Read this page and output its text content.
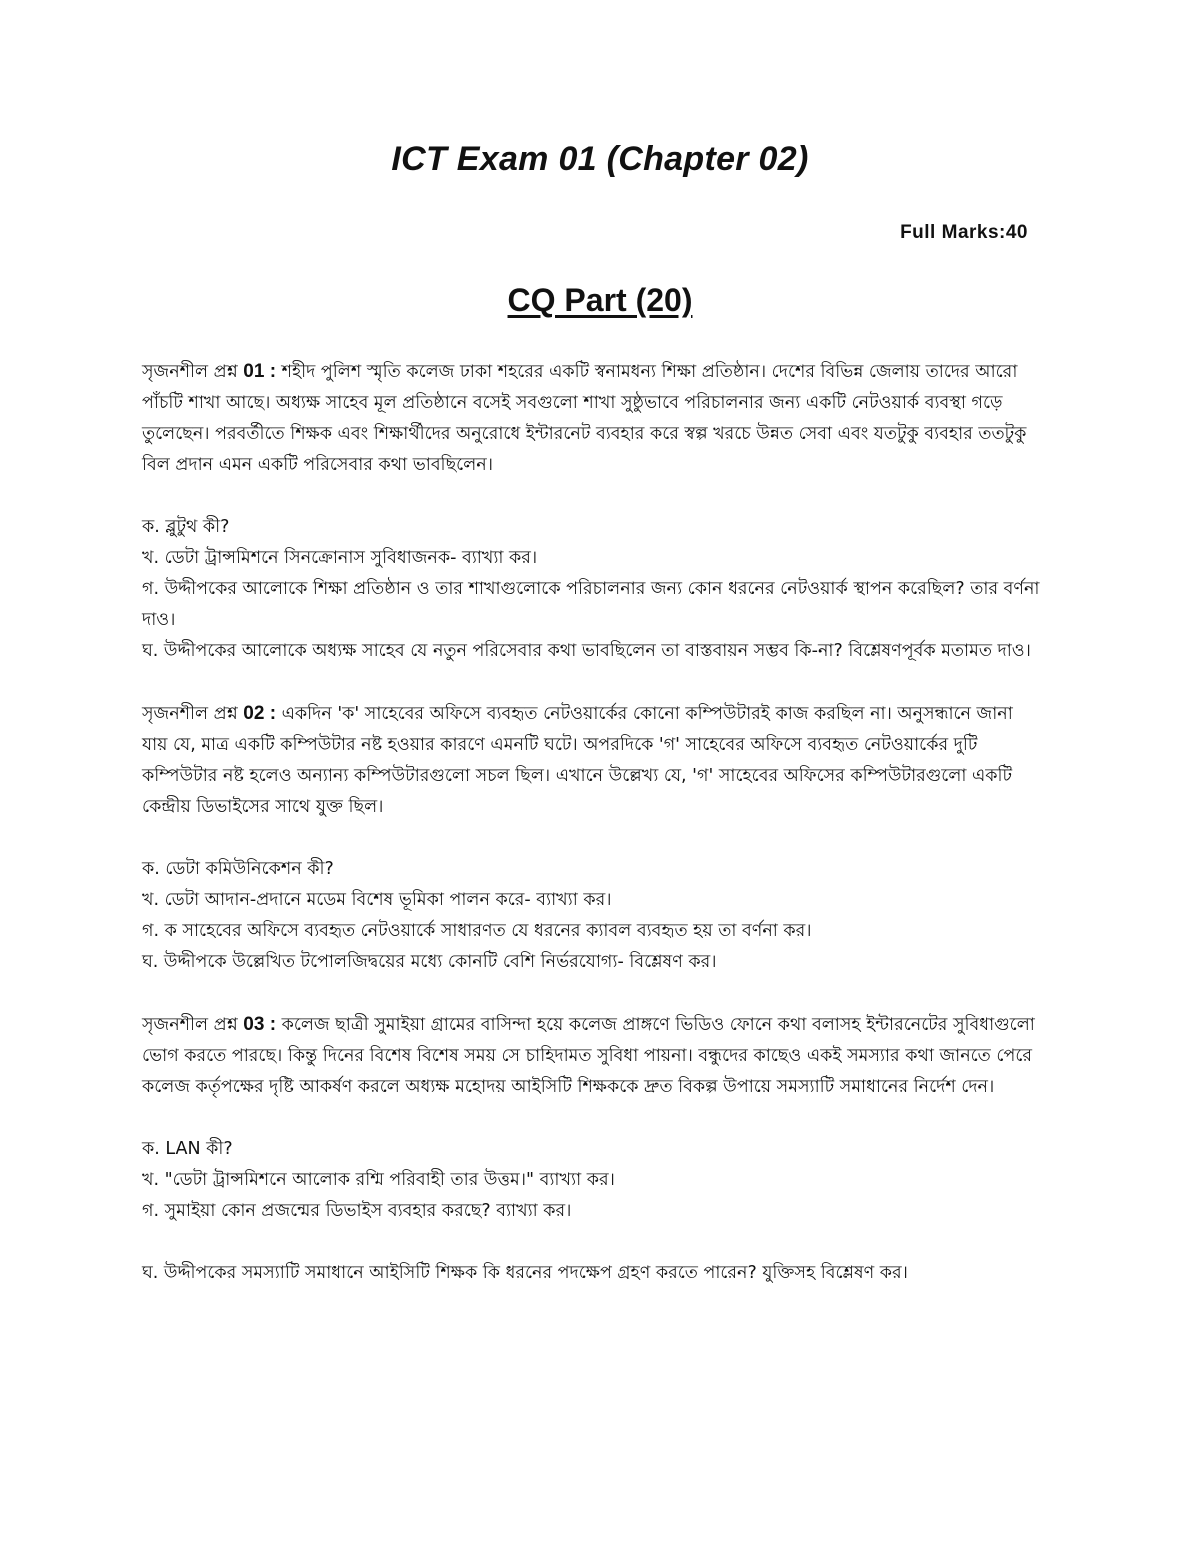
ICT Exam 01 (Chapter 02)
Full Marks:40
CQ Part (20)

সৃজনশীল প্রশ্ন 01 : শহীদ পুলিশ স্মৃতি কলেজ ঢাকা শহরের একটি স্বনামধন্য শিক্ষা প্রতিষ্ঠান। দেশের বিভিন্ন জেলায় তাদের আরো পাঁচটি শাখা আছে। অধ্যক্ষ সাহেব মূল প্রতিষ্ঠানে বসেই সবগুলো শাখা সুষ্ঠুভাবে পরিচালনার জন্য একটি নেটওয়ার্ক ব্যবস্থা গড়ে তুলেছেন। পরবর্তীতে শিক্ষক এবং শিক্ষার্থীদের অনুরোধে ইন্টারনেট ব্যবহার করে স্বল্প খরচে উন্নত সেবা এবং যতটুকু ব্যবহার ততটুকু বিল প্রদান এমন একটি পরিসেবার কথা ভাবছিলেন।

ক. ব্লুটুথ কী?

খ. ডেটা ট্রান্সমিশনে সিনক্রোনাস সুবিধাজনক- ব্যাখ্যা কর।

গ. উদ্দীপকের আলোকে শিক্ষা প্রতিষ্ঠান ও তার শাখাগুলোকে পরিচালনার জন্য কোন ধরনের নেটওয়ার্ক স্থাপন করেছিল? তার বর্ণনা দাও।

ঘ. উদ্দীপকের আলোকে অধ্যক্ষ সাহেব যে নতুন পরিসেবার কথা ভাবছিলেন তা বাস্তবায়ন সম্ভব কি-না? বিশ্লেষণপূর্বক মতামত দাও।

সৃজনশীল প্রশ্ন 02 : একদিন 'ক' সাহেবের অফিসে ব্যবহৃত নেটওয়ার্কের কোনো কম্পিউটারই কাজ করছিল না। অনুসন্ধানে জানা যায় যে, মাত্র একটি কম্পিউটার নষ্ট হওয়ার কারণে এমনটি ঘটে। অপরদিকে 'গ' সাহেবের অফিসে ব্যবহৃত নেটওয়ার্কের দুটি কম্পিউটার নষ্ট হলেও অন্যান্য কম্পিউটারগুলো সচল ছিল। এখানে উল্লেখ্য যে, 'গ' সাহেবের অফিসের কম্পিউটারগুলো একটি কেন্দ্রীয় ডিভাইসের সাথে যুক্ত ছিল।

ক. ডেটা কমিউনিকেশন কী?

খ. ডেটা আদান-প্রদানে মডেম বিশেষ ভূমিকা পালন করে- ব্যাখ্যা কর।

গ. ক সাহেবের অফিসে ব্যবহৃত নেটওয়ার্কে সাধারণত যে ধরনের ক্যাবল ব্যবহৃত হয় তা বর্ণনা কর।

ঘ. উদ্দীপকে উল্লেখিত টপোলজিদ্বয়ের মধ্যে কোনটি বেশি নির্ভরযোগ্য- বিশ্লেষণ কর।

সৃজনশীল প্রশ্ন 03 : কলেজ ছাত্রী সুমাইয়া গ্রামের বাসিন্দা হয়ে কলেজ প্রাঙ্গণে ভিডিও ফোনে কথা বলাসহ ইন্টারনেটের সুবিধাগুলো ভোগ করতে পারছে। কিন্তু দিনের বিশেষ বিশেষ সময় সে চাহিদামত সুবিধা পায়না। বন্ধুদের কাছেও একই সমস্যার কথা জানতে পেরে কলেজ কর্তৃপক্ষের দৃষ্টি আকর্ষণ করলে অধ্যক্ষ মহোদয় আইসিটি শিক্ষককে দ্রুত বিকল্প উপায়ে সমস্যাটি সমাধানের নির্দেশ দেন।

ক. LAN কী?

খ. "ডেটা ট্রান্সমিশনে আলোক রশ্মি পরিবাহী তার উত্তম।" ব্যাখ্যা কর।

গ. সুমাইয়া কোন প্রজন্মের ডিভাইস ব্যবহার করছে? ব্যাখ্যা কর।

ঘ. উদ্দীপকের সমস্যাটি সমাধানে আইসিটি শিক্ষক কি ধরনের পদক্ষেপ গ্রহণ করতে পারেন? যুক্তিসহ বিশ্লেষণ কর।
